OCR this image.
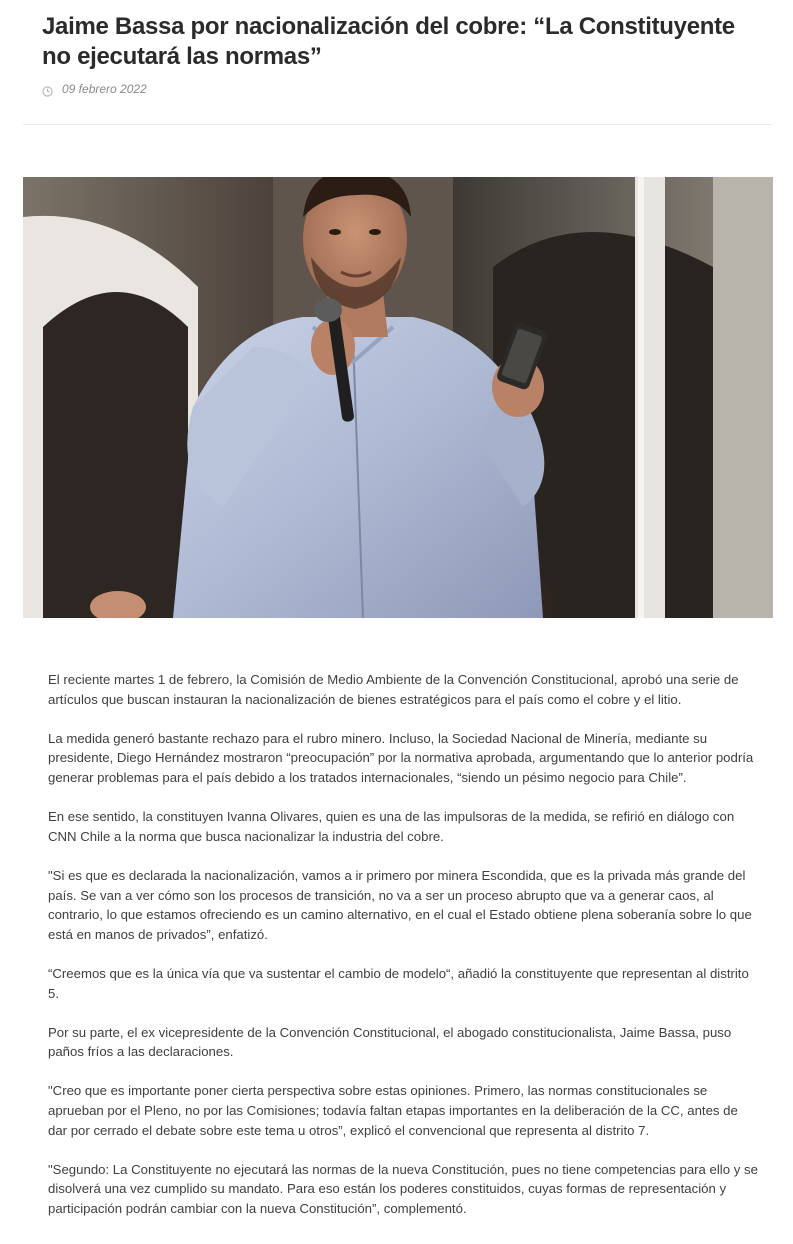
Jaime Bassa por nacionalización del cobre: “La Constituyente no ejecutará las normas”
09 febrero 2022

El reciente martes 1 de febrero, la Comisión de Medio Ambiente de la Convención Constitucional, aprobó una serie de artículos que buscan instauran la nacionalización de bienes estratégicos para el país como el cobre y el litio.

La medida generó bastante rechazo para el rubro minero. Incluso, la Sociedad Nacional de Minería, mediante su presidente, Diego Hernández mostraron “preocupación” por la normativa aprobada, argumentando que lo anterior podría generar problemas para el país debido a los tratados internacionales, “siendo un pésimo negocio para Chile”.

En ese sentido, la constituyen Ivanna Olivares, quien es una de las impulsoras de la medida, se refirió en diálogo con CNN Chile a la norma que busca nacionalizar la industria del cobre.

"Si es que es declarada la nacionalización, vamos a ir primero por minera Escondida, que es la privada más grande del país. Se van a ver cómo son los procesos de transición, no va a ser un proceso abrupto que va a generar caos, al contrario, lo que estamos ofreciendo es un camino alternativo, en el cual el Estado obtiene plena soberanía sobre lo que está en manos de privados”, enfatizó.

“Creemos que es la única vía que va sustentar el cambio de modelo“, añadió la constituyente que representan al distrito 5.

Por su parte, el ex vicepresidente de la Convención Constitucional, el abogado constitucionalista, Jaime Bassa, puso paños fríos a las declaraciones.

"Creo que es importante poner cierta perspectiva sobre estas opiniones. Primero, las normas constitucionales se aprueban por el Pleno, no por las Comisiones; todavía faltan etapas importantes en la deliberación de la CC, antes de dar por cerrado el debate sobre este tema u otros”, explicó el convencional que representa al distrito 7.

"Segundo: La Constituyente no ejecutará las normas de la nueva Constitución, pues no tiene competencias para ello y se disolverá una vez cumplido su mandato. Para eso están los poderes constituidos, cuyas formas de representación y participación podrán cambiar con la nueva Constitución”, complementó.
